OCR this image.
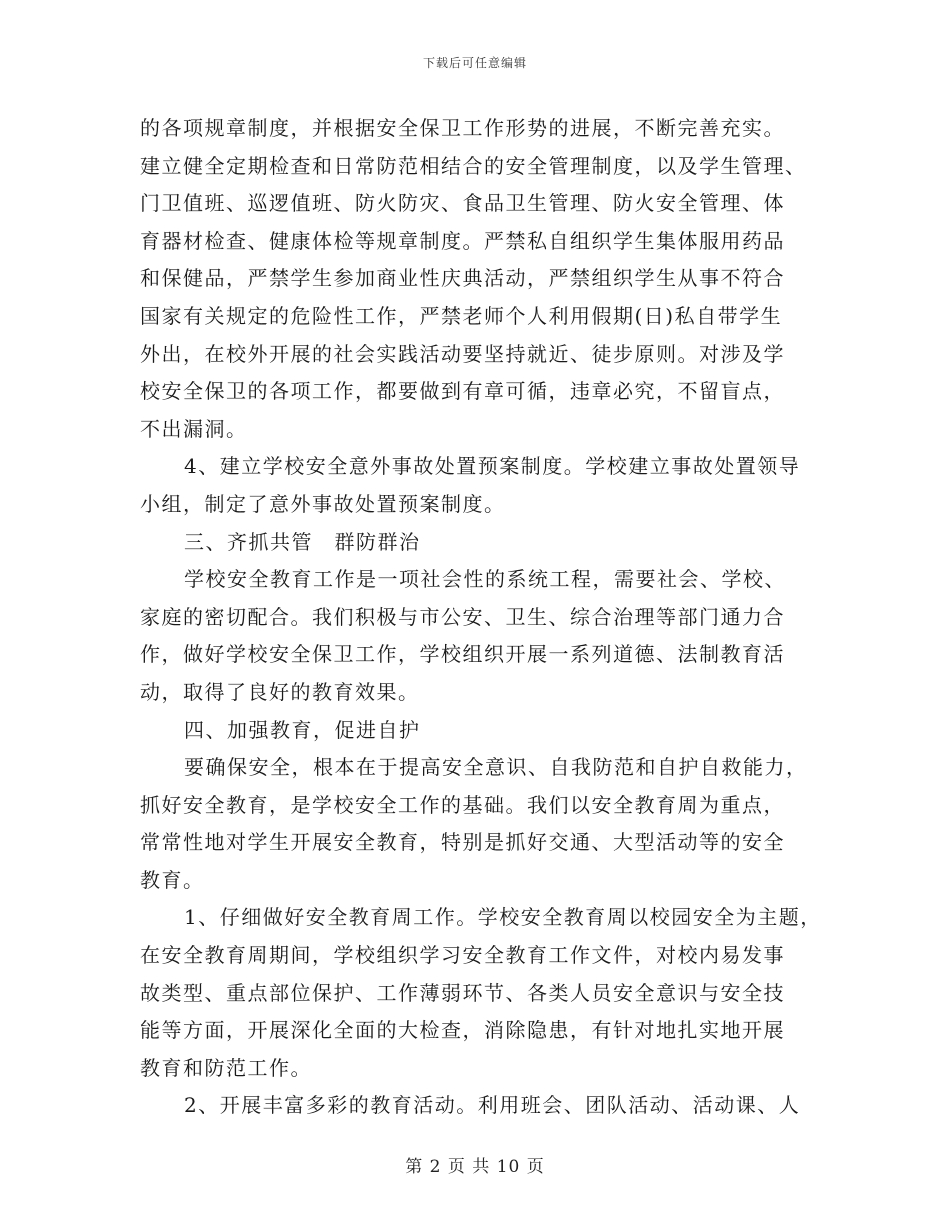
下载后可任意编辑
的各项规章制度，并根据安全保卫工作形势的进展，不断完善充实。
建立健全定期检查和日常防范相结合的安全管理制度，以及学生管理、
门卫值班、巡逻值班、防火防灾、食品卫生管理、防火安全管理、体
育器材检查、健康体检等规章制度。严禁私自组织学生集体服用药品
和保健品，严禁学生参加商业性庆典活动，严禁组织学生从事不符合
国家有关规定的危险性工作，严禁老师个人利用假期(日)私自带学生
外出，在校外开展的社会实践活动要坚持就近、徒步原则。对涉及学
校安全保卫的各项工作，都要做到有章可循，违章必究，不留盲点，
不出漏洞。
4、建立学校安全意外事故处置预案制度。学校建立事故处置领导
小组，制定了意外事故处置预案制度。
三、齐抓共管　群防群治
学校安全教育工作是一项社会性的系统工程，需要社会、学校、
家庭的密切配合。我们积极与市公安、卫生、综合治理等部门通力合
作，做好学校安全保卫工作，学校组织开展一系列道德、法制教育活
动，取得了良好的教育效果。
四、加强教育，促进自护
要确保安全，根本在于提高安全意识、自我防范和自护自救能力，
抓好安全教育，是学校安全工作的基础。我们以安全教育周为重点，
常常性地对学生开展安全教育，特别是抓好交通、大型活动等的安全
教育。
1、仔细做好安全教育周工作。学校安全教育周以校园安全为主题，
在安全教育周期间，学校组织学习安全教育工作文件，对校内易发事
故类型、重点部位保护、工作薄弱环节、各类人员安全意识与安全技
能等方面，开展深化全面的大检查，消除隐患，有针对地扎实地开展
教育和防范工作。
2、开展丰富多彩的教育活动。利用班会、团队活动、活动课、人
第 2 页 共 10 页
